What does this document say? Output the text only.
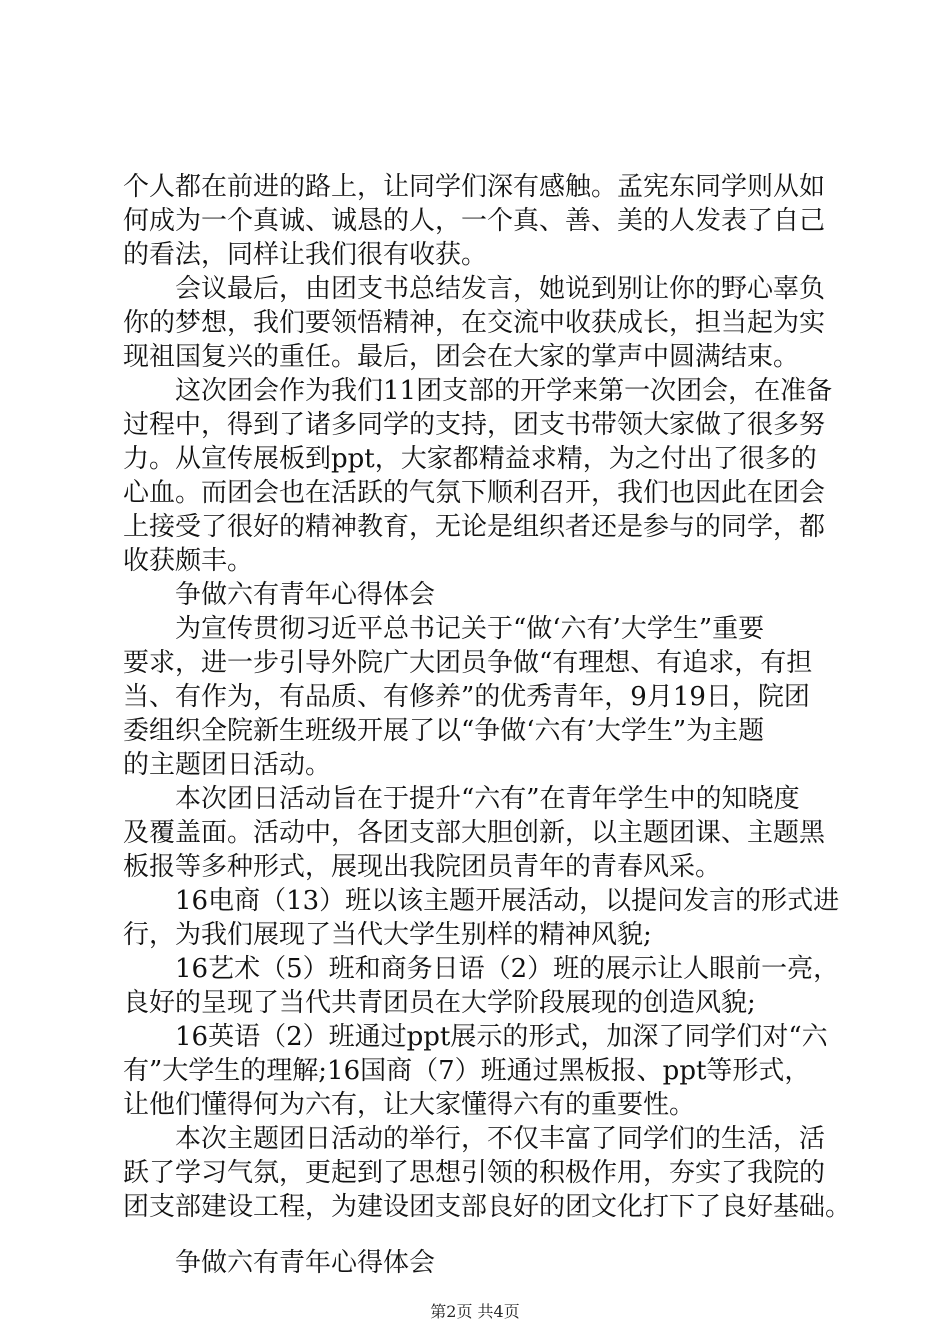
个人都在前进的路上，让同学们深有感触。孟宪东同学则从如
何成为一个真诚、诚恳的人，一个真、善、美的人发表了自己
的看法，同样让我们很有收获。
会议最后，由团支书总结发言，她说到别让你的野心辜负
你的梦想，我们要领悟精神，在交流中收获成长，担当起为实
现祖国复兴的重任。最后，团会在大家的掌声中圆满结束。
这次团会作为我们11团支部的开学来第一次团会，在准备
过程中，得到了诸多同学的支持，团支书带领大家做了很多努
力。从宣传展板到ppt，大家都精益求精，为之付出了很多的
心血。而团会也在活跃的气氛下顺利召开，我们也因此在团会
上接受了很好的精神教育，无论是组织者还是参与的同学，都
收获颇丰。
争做六有青年心得体会
为宣传贯彻习近平总书记关于“做‘六有’大学生”重要
要求，进一步引导外院广大团员争做“有理想、有追求，有担
当、有作为，有品质、有修养”的优秀青年，9月19日，院团
委组织全院新生班级开展了以“争做‘六有’大学生”为主题
的主题团日活动。
本次团日活动旨在于提升“六有”在青年学生中的知晓度
及覆盖面。活动中，各团支部大胆创新，以主题团课、主题黑
板报等多种形式，展现出我院团员青年的青春风采。
16电商（13）班以该主题开展活动，以提问发言的形式进
行，为我们展现了当代大学生别样的精神风貌;
16艺术（5）班和商务日语（2）班的展示让人眼前一亮，
良好的呈现了当代共青团员在大学阶段展现的创造风貌;
16英语（2）班通过ppt展示的形式，加深了同学们对“六
有”大学生的理解;16国商（7）班通过黑板报、ppt等形式，
让他们懂得何为六有，让大家懂得六有的重要性。
本次主题团日活动的举行，不仅丰富了同学们的生活，活
跃了学习气氛，更起到了思想引领的积极作用，夯实了我院的
团支部建设工程，为建设团支部良好的团文化打下了良好基础。
争做六有青年心得体会
第2页 共4页
